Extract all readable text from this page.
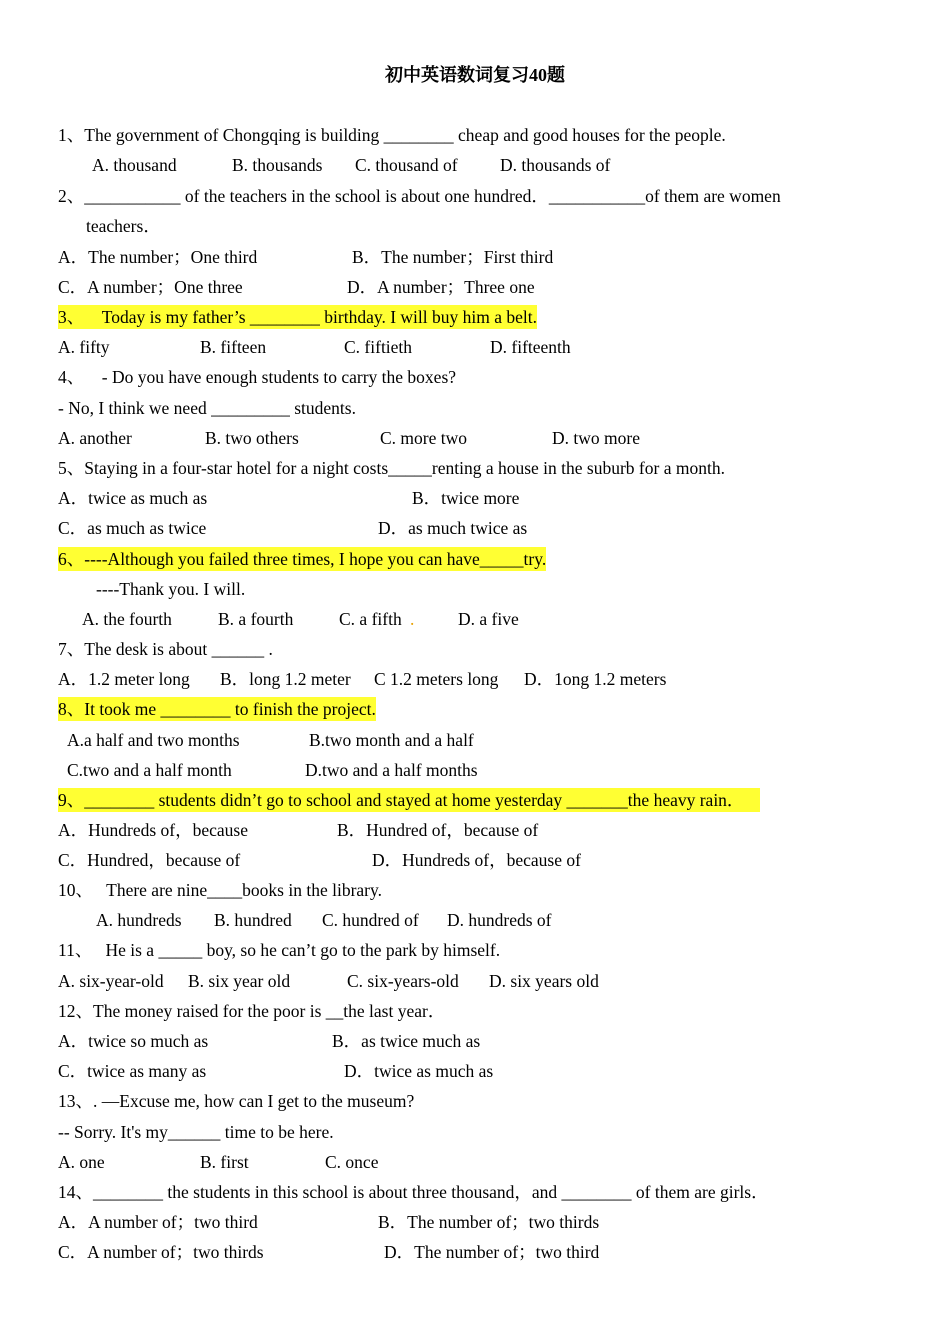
初中英语数词复习40题
1、The government of Chongqing is building ________ cheap and good houses for the people.
A. thousand	B. thousands C. thousand of D. thousands of
2、___________ of the teachers in the school is about one hundred．___________of them are women
teachers．
A．The number；One third	B．The number；First third
C．A number；One three	D．A number；Three one
3、    Today is my father’s ________ birthday. I will buy him a belt.
A. fifty	B. fifteen	C. fiftieth	D. fifteenth
4、    - Do you have enough students to carry the boxes?
- No, I think we need _________ students.
A. another	B. two others	C. more two	D. two more
5、Staying in a four-star hotel for a night costs_____renting a house in the suburb for a month.
A．twice as much as	B．twice more
C．as much as twice	D．as much twice as
6、----Although you failed three times, I hope you can have_____try.
----Thank you. I will.
A. the fourth	B. a fourth	C. a fifth . D. a five
7、The desk is about ______ .
A．1.2 meter long B．long 1.2 meter C 1.2 meters long D．1ong 1.2 meters
8、It took me ________ to finish the project.
A.a half and two months	B.two month and a half
C.two and a half month	D.two and a half months
9、________ students didn’t go to school and stayed at home yesterday _______the heavy rain．
A．Hundreds of，because	B．Hundred of，because of
C．Hundred，because of	D．Hundreds of，because of
10、   There are nine____books in the library.
A. hundreds B. hundred C. hundred of D. hundreds of
11、   He is a _____ boy, so he can’t go to the park by himself.
A. six-year-old B. six year old	C. six-years-old D. six years old
12、The money raised for the poor is __the last year．
A．twice so much as	B．as twice much as
C．twice as many as	D．twice as much as
13、. —Excuse me, how can I get to the museum?
-- Sorry. It's my______ time to be here.
A. one	B. first	C. once
14、________ the students in this school is about three thousand，and ________ of them are girls．
A．A number of；two third	B．The number of；two thirds
C．A number of；two thirds	D．The number of；two third
